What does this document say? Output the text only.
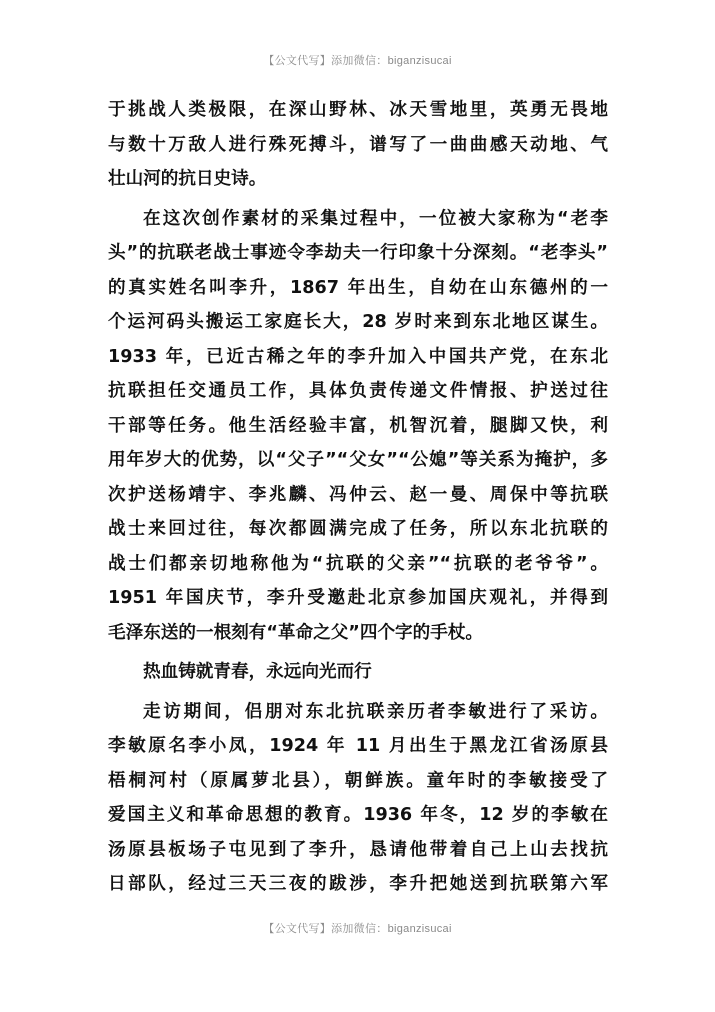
【公文代写】添加微信：biganzisucai
于挑战人类极限，在深山野林、冰天雪地里，英勇无畏地
与数十万敌人进行殊死搏斗，谱写了一曲曲感天动地、气
壮山河的抗日史诗。
在这次创作素材的采集过程中，一位被大家称为“老李
头”的抗联老战士事迹令李劫夫一行印象十分深刻。“老李头”
的真实姓名叫李升，1867 年出生，自幼在山东德州的一
个运河码头搬运工家庭长大，28 岁时来到东北地区谋生。
1933 年，已近古稀之年的李升加入中国共产党，在东北
抗联担任交通员工作，具体负责传递文件情报、护送过往
干部等任务。他生活经验丰富，机智沉着，腿脚又快，利
用年岁大的优势，以“父子”“父女”“公媳”等关系为掩护，多
次护送杨靖宇、李兆麟、冯仲云、赵一曼、周保中等抗联
战士来回过往，每次都圆满完成了任务，所以东北抗联的
战士们都亲切地称他为“抗联的父亲”“抗联的老爷爷”。
1951 年国庆节，李升受邀赴北京参加国庆观礼，并得到
毛泽东送的一根刻有“革命之父”四个字的手杖。
热血铸就青春，永远向光而行
走访期间，侣朋对东北抗联亲历者李敏进行了采访。
李敏原名李小凤，1924 年 11 月出生于黑龙江省汤原县
梧桐河村（原属萝北县），朝鲜族。童年时的李敏接受了
爱国主义和革命思想的教育。1936 年冬，12 岁的李敏在
汤原县板场子屯见到了李升，恳请他带着自己上山去找抗
日部队，经过三天三夜的跋涉，李升把她送到抗联第六军
【公文代写】添加微信：biganzisucai
